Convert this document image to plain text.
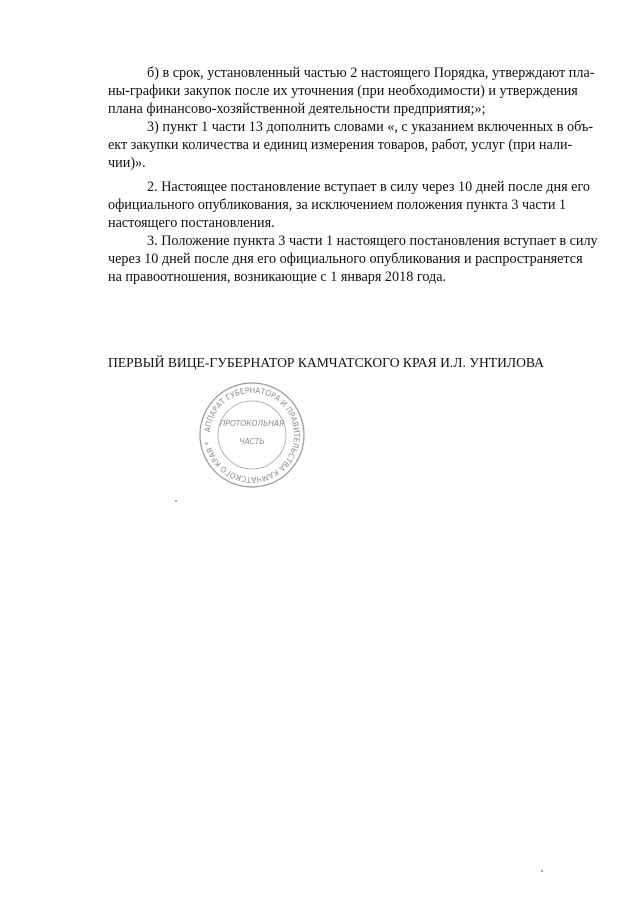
б) в срок, установленный частью 2 настоящего Порядка, утверждают пла-
ны-графики закупок после их уточнения (при необходимости) и утверждения
плана финансово-хозяйственной деятельности предприятия;»;
3) пункт 1 части 13 дополнить словами «, с указанием включенных в объ-
ект закупки количества и единиц измерения товаров, работ, услуг (при нали-
чии)».
2. Настоящее постановление вступает в силу через 10 дней после дня его
официального опубликования, за исключением положения пункта 3 части 1
настоящего постановления.
3. Положение пункта 3 части 1 настоящего постановления вступает в силу
через 10 дней после дня его официального опубликования и распространяется
на правоотношения, возникающие с 1 января 2018 года.
ПЕРВЫЙ ВИЦЕ-ГУБЕРНАТОР КАМЧАТСКОГО КРАЯ И.Л. УНТИЛОВА
АППАРАТ ГУБЕРНАТОРА И ПРАВИТЕЛЬСТВА КАМЧАТСКОГО КРАЯ *
ПРОТОКОЛЬНАЯ
ЧАСТЬ
